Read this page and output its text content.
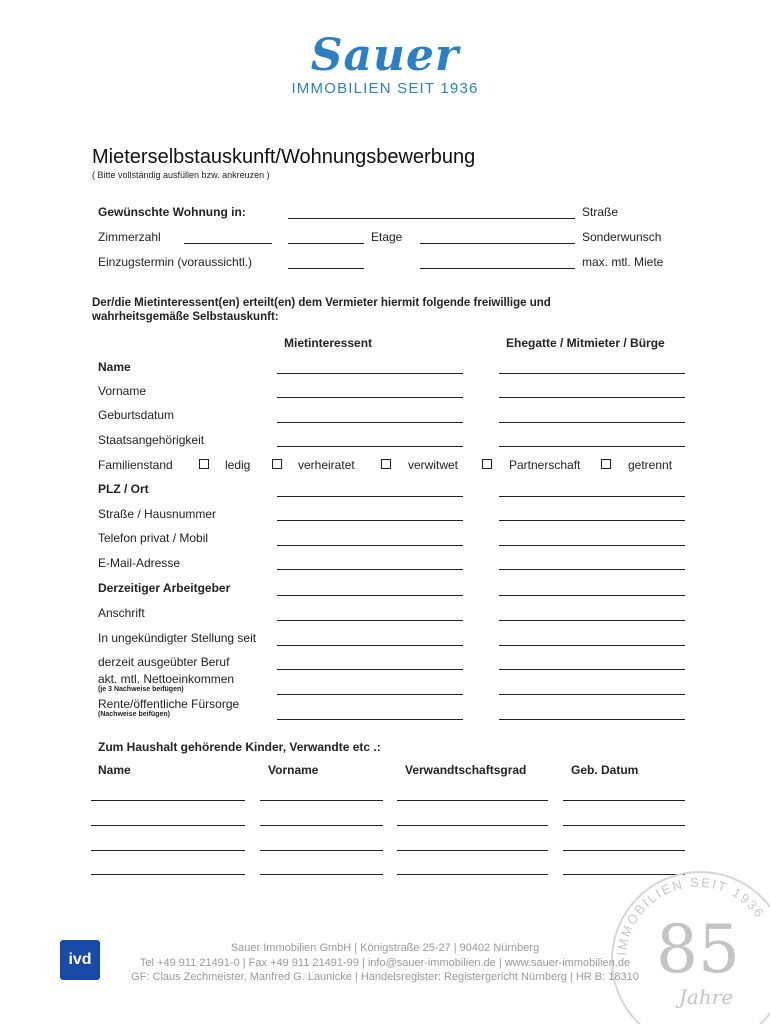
Sauer
IMMOBILIEN SEIT 1936
Mieterselbstauskunft/Wohnungsbewerbung
( Bitte vollständig ausfüllen bzw. ankreuzen )
Gewünschte Wohnung in:	Straße
Zimmerzahl	Etage	Sonderwunsch
Einzugstermin (voraussichtl.)	max. mtl. Miete
Der/die Mietinteressent(en) erteilt(en) dem Vermieter hiermit folgende freiwillige und
wahrheitsgemäße Selbstauskunft:
Mietinteressent	Ehegatte / Mitmieter / Bürge
Name
Vorname
Geburtsdatum
Staatsangehörigkeit
Familienstand	ledig	verheiratet	verwitwet	Partnerschaft	getrennt
PLZ / Ort
Straße / Hausnummer
Telefon privat / Mobil
E-Mail-Adresse
Derzeitiger Arbeitgeber
Anschrift
In ungekündigter Stellung seit
derzeit ausgeübter Beruf
akt. mtl. Nettoeinkommen
(je 3 Nachweise beifügen)
Rente/öffentliche Fürsorge
(Nachweise beifügen)
Zum Haushalt gehörende Kinder, Verwandte etc .:
Name	Vorname	Verwandtschaftsgrad	Geb. Datum
IMMOBILIEN SEIT 1936
85
Jahre
ivd
Sauer Immobilien GmbH | Königstraße 25-27 | 90402 Nürnberg
Tel +49 911 21491-0 | Fax +49 911 21491-99 | info@sauer-immobilien.de | www.sauer-immobilien.de
GF: Claus Zechmeister, Manfred G. Launicke | Handelsregister: Registergericht Nürnberg | HR B: 18310
